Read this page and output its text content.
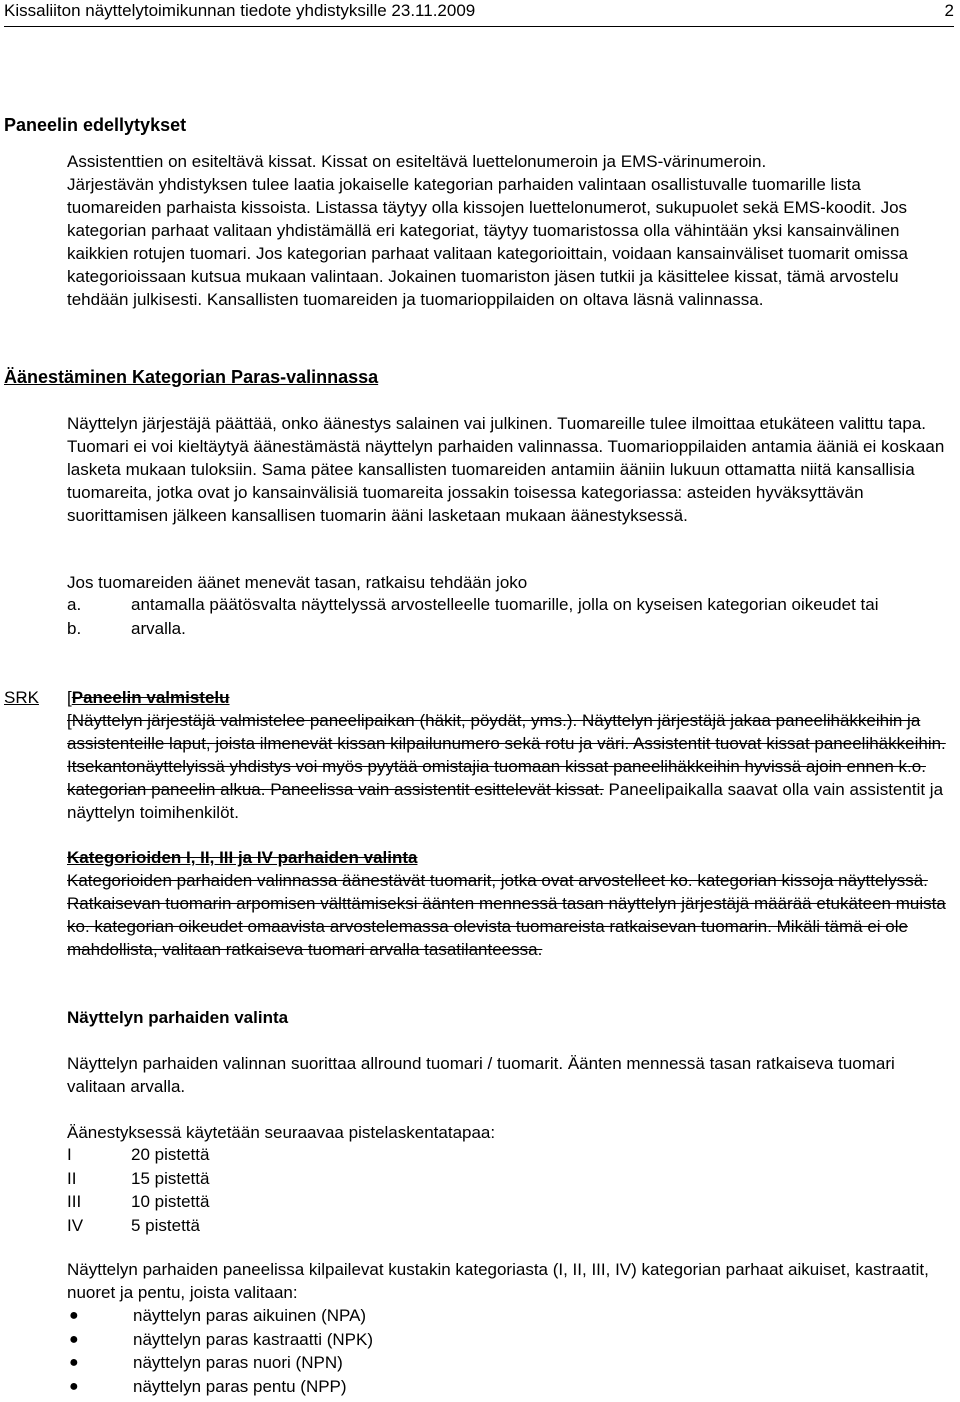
Kissaliiton näyttelytoimikunnan tiedote yhdistyksille 23.11.2009	2
Paneelin edellytykset

Assistenttien on esiteltävä kissat. Kissat on esiteltävä luettelonumeroin ja EMS-värinumeroin.

Järjestävän yhdistyksen tulee laatia jokaiselle kategorian parhaiden valintaan osallistuvalle tuomarille lista tuomareiden parhaista kissoista. Listassa täytyy olla kissojen luettelonumerot, sukupuolet sekä EMS-koodit. Jos kategorian parhaat valitaan yhdistämällä eri kategoriat, täytyy tuomaristossa olla vähintään yksi kansainvälinen kaikkien rotujen tuomari. Jos kategorian parhaat valitaan kategorioittain, voidaan kansainväliset tuomarit omissa kategorioissaan kutsua mukaan valintaan. Jokainen tuomariston jäsen tutkii ja käsittelee kissat, tämä arvostelu tehdään julkisesti. Kansallisten tuomareiden ja tuomarioppilaiden on oltava läsnä valinnassa.

Äänestäminen Kategorian Paras-valinnassa

Näyttelyn järjestäjä päättää, onko äänestys salainen vai julkinen. Tuomareille tulee ilmoittaa etukäteen valittu tapa. Tuomari ei voi kieltäytyä äänestämästä näyttelyn parhaiden valinnassa. Tuomarioppilaiden antamia ääniä ei koskaan lasketa mukaan tuloksiin. Sama pätee kansallisten tuomareiden antamiin ääniin lukuun ottamatta niitä kansallisia tuomareita, jotka ovat jo kansainvälisiä tuomareita jossakin toisessa kategoriassa: asteiden hyväksyttävän suorittamisen jälkeen kansallisen tuomarin ääni lasketaan mukaan äänestyksessä.

Jos tuomareiden äänet menevät tasan, ratkaisu tehdään joko

a.	antamalla päätösvalta näyttelyssä arvostelleelle tuomarille, jolla on kyseisen kategorian oikeudet tai
b.	arvalla.
SRK [Paneelin valmistelu

[Näyttelyn järjestäjä valmistelee paneelipaikan (häkit, pöydät, yms.). Näyttelyn järjestäjä jakaa paneelihäkkeihin ja assistenteille laput, joista ilmenevät kissan kilpailunumero sekä rotu ja väri. Assistentit tuovat kissat paneelihäkkeihin. Itsekantonäyttelyissä yhdistys voi myös pyytää omistajia tuomaan kissat paneelihäkkeihin hyvissä ajoin ennen k.o. kategorian paneelin alkua. Paneelissa vain assistentit esittelevät kissat. Paneelipaikalla saavat olla vain assistentit ja näyttelyn toimihenkilöt.

Kategorioiden I, II, III ja IV parhaiden valinta

Kategorioiden parhaiden valinnassa äänestävät tuomarit, jotka ovat arvostelleet ko. kategorian kissoja näyttelyssä. Ratkaisevan tuomarin arpomisen välttämiseksi äänten mennessä tasan näyttelyn järjestäjä määrää etukäteen muista ko. kategorian oikeudet omaavista arvostelemassa olevista tuomareista ratkaisevan tuomarin. Mikäli tämä ei ole mahdollista, valitaan ratkaiseva tuomari arvalla tasatilanteessa.

Näyttelyn parhaiden valinta

Näyttelyn parhaiden valinnan suorittaa allround tuomari / tuomarit. Äänten mennessä tasan ratkaiseva tuomari valitaan arvalla.

Äänestyksessä käytetään seuraavaa pistelaskentatapaa:

I	20 pistettä
II	15 pistettä
III	10 pistettä
IV	5 pistettä

Näyttelyn parhaiden paneelissa kilpailevat kustakin kategoriasta (I, II, III, IV) kategorian parhaat aikuiset, kastraatit, nuoret ja pentu, joista valitaan:

●	näyttelyn paras aikuinen (NPA)
●	näyttelyn paras kastraatti (NPK)
●	näyttelyn paras nuori (NPN)
●	näyttelyn paras pentu (NPP)
